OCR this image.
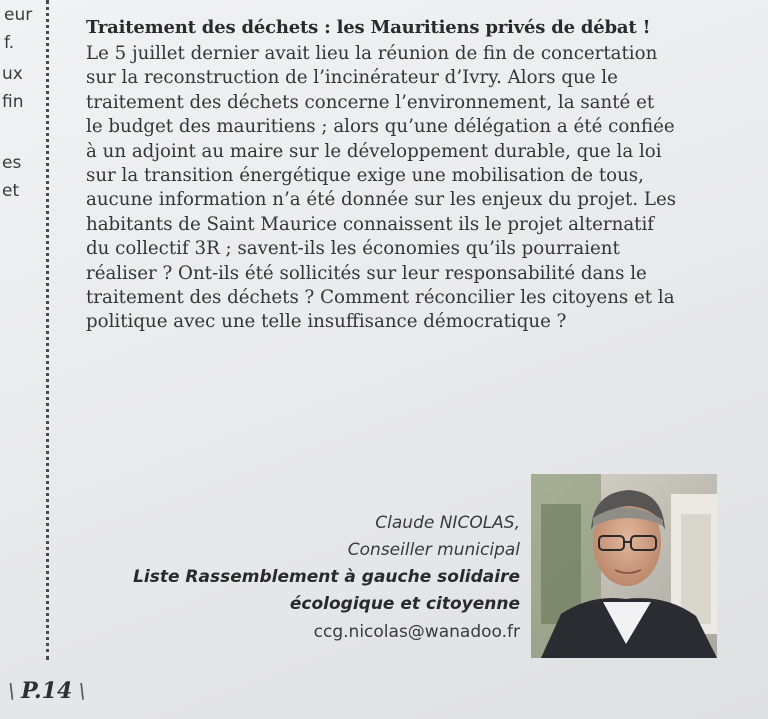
eur
f.
ux
fin
es
et
Traitement des déchets : les Mauritiens privés de débat !

Le 5 juillet dernier avait lieu la réunion de fin de concertation
sur la reconstruction de l’incinérateur d’Ivry. Alors que le
traitement des déchets concerne l’environnement, la santé et
le budget des mauritiens ; alors qu’une délégation a été confiée
à un adjoint au maire sur le développement durable, que la loi
sur la transition énergétique exige une mobilisation de tous,
aucune information n’a été donnée sur les enjeux du projet. Les
habitants de Saint Maurice connaissent ils le projet alternatif
du collectif 3R ; savent-ils les économies qu’ils pourraient
réaliser ? Ont-ils été sollicités sur leur responsabilité dans le
traitement des déchets ? Comment réconcilier les citoyens et la
politique avec une telle insuffisance démocratique ?

Claude NICOLAS,
Conseiller municipal
Liste Rassemblement à gauche solidaire
écologique et citoyenne
ccg.nicolas@wanadoo.fr
\ P.14 \
